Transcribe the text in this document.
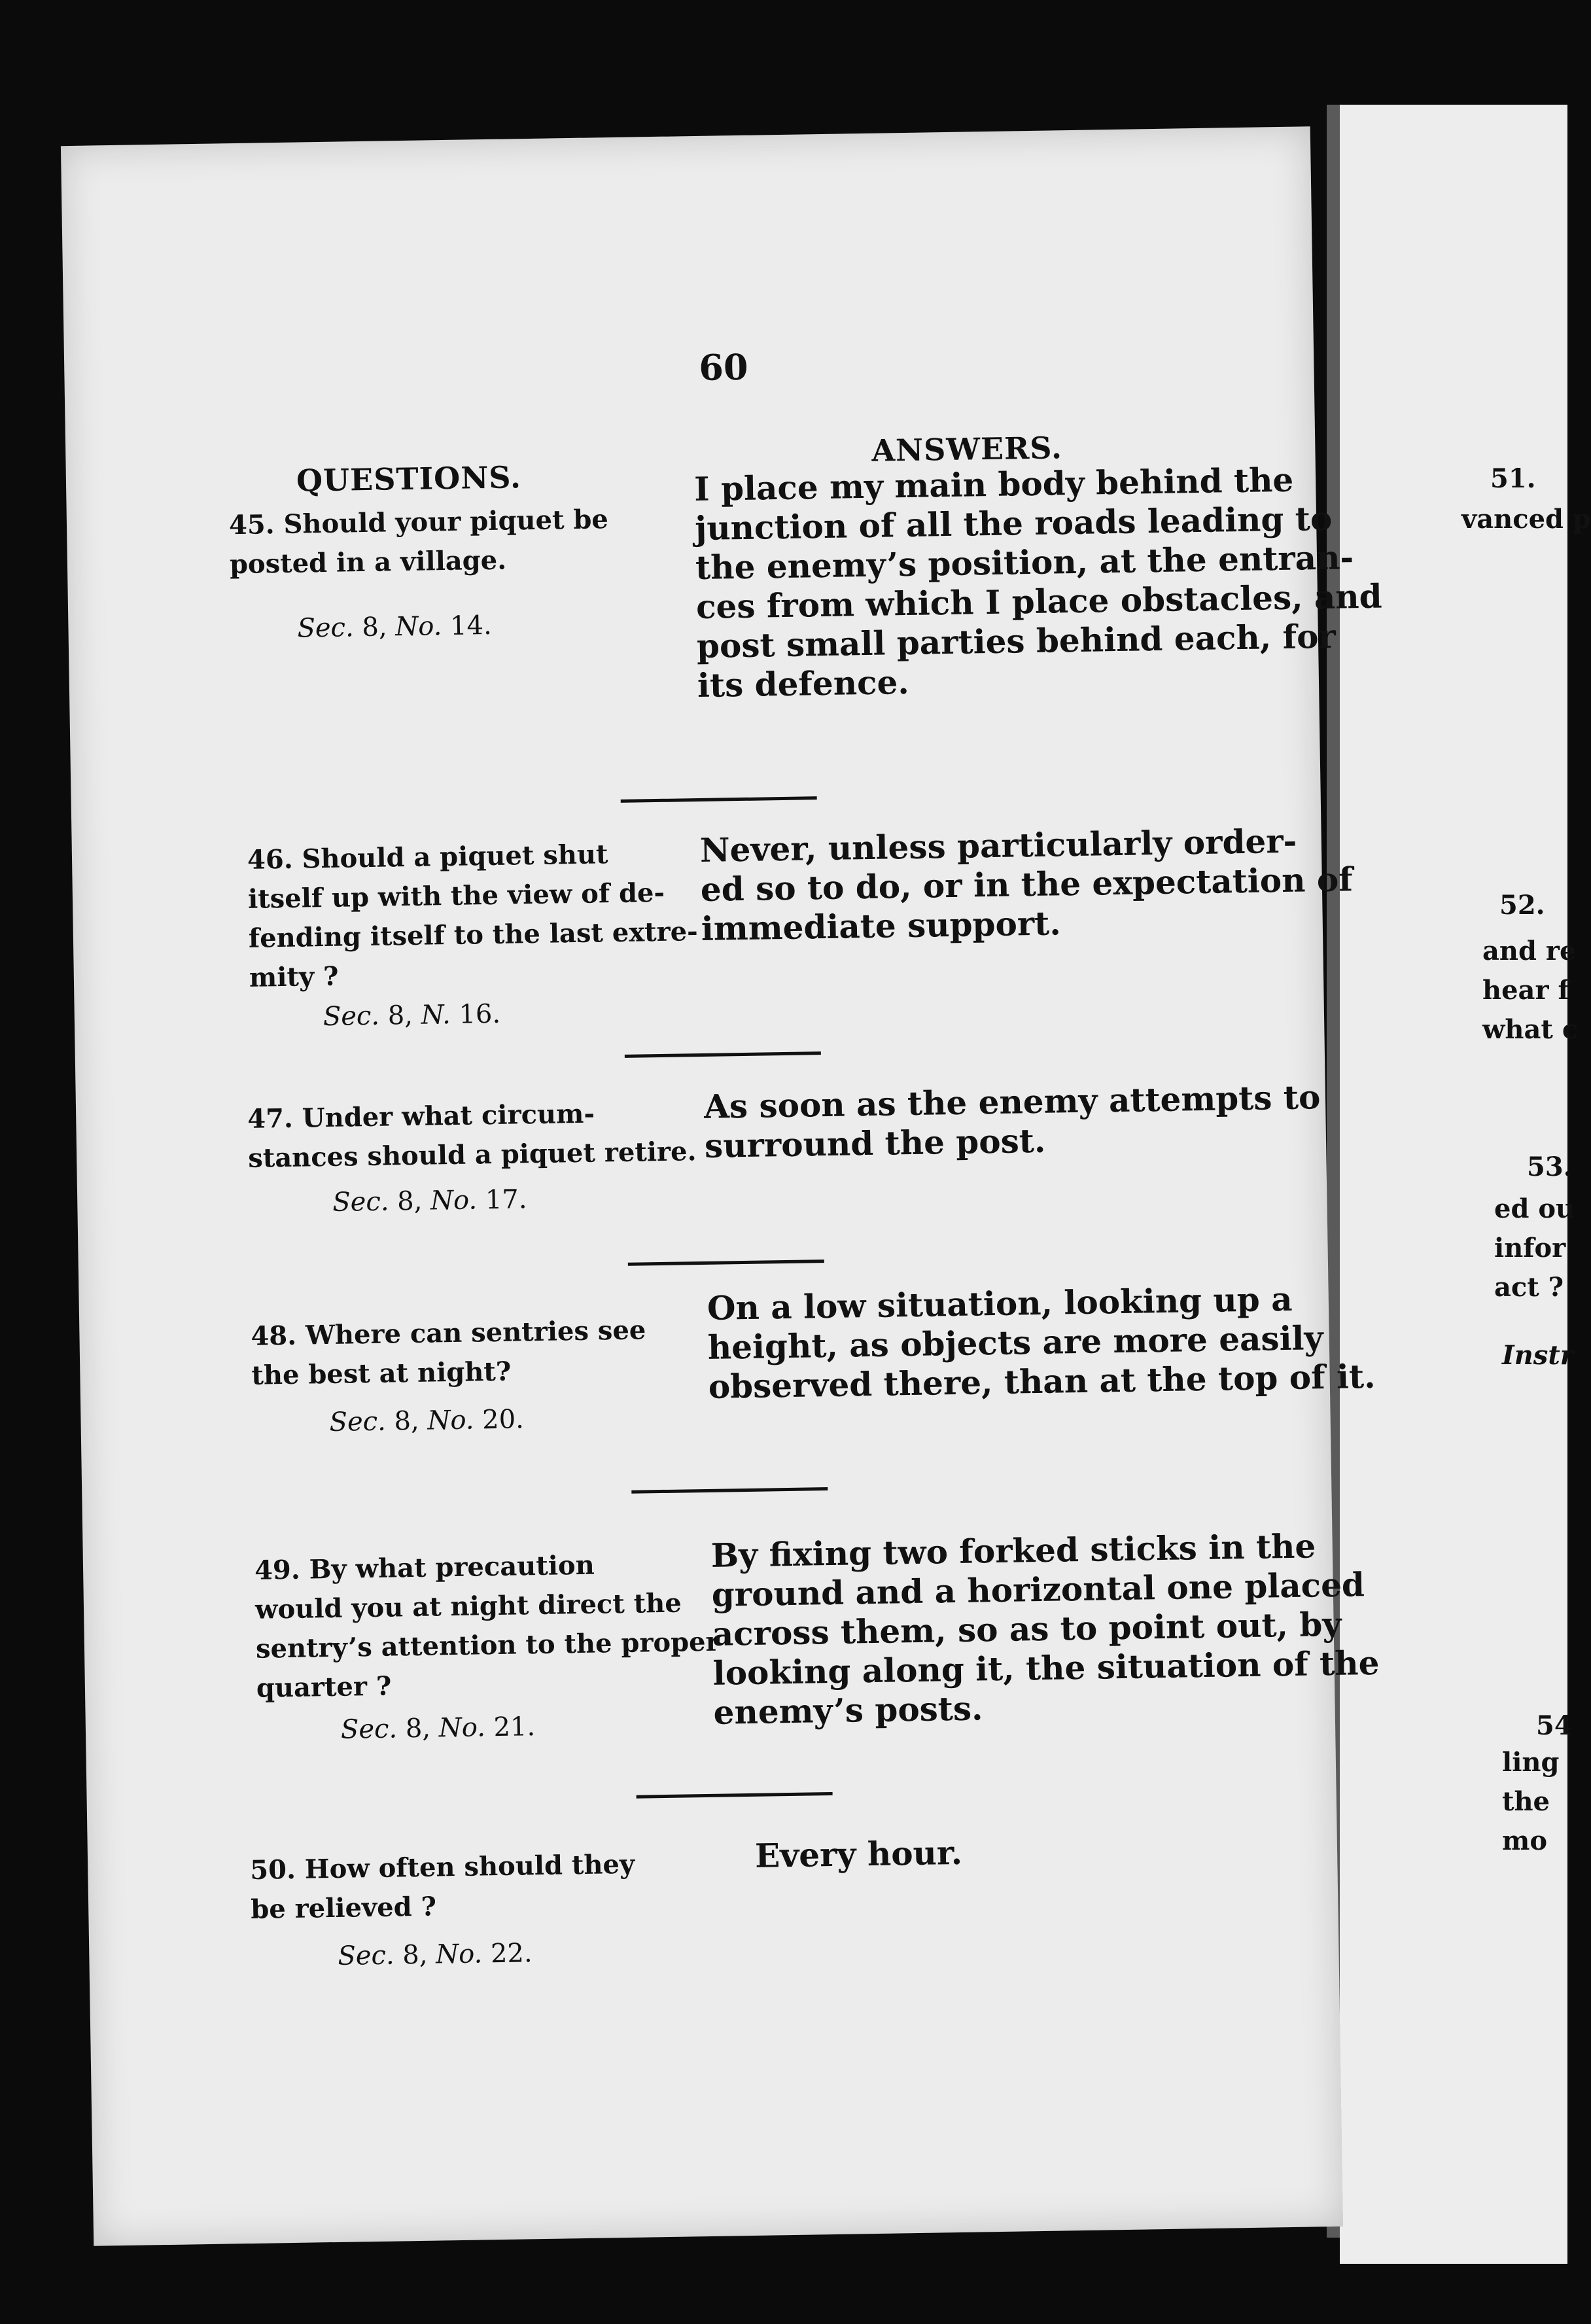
51.
vanced p
52.
and re
hear f
what c
53.
ed ou
infor
act ?
Instr
54
ling
the
mo
60
QUESTIONS.
ANSWERS.
45. Should your piquet be
posted in a village.
Sec. 8, No. 14.
I place my main body behind the
junction of all the roads leading to
the enemy’s position, at the entran-
ces from which I place obstacles, and
post small parties behind each, for
its defence.
46. Should a piquet shut
itself up with the view of de-
fending itself to the last extre-
mity ?
Sec. 8, N. 16.
Never, unless particularly order-
ed so to do, or in the expectation of
immediate support.
47. Under what circum-
stances should a piquet retire.
Sec. 8, No. 17.
As soon as the enemy attempts to
surround the post.
48. Where can sentries see
the best at night?
Sec. 8, No. 20.
On a low situation, looking up a
height, as objects are more easily
observed there, than at the top of it.
49. By what precaution
would you at night direct the
sentry’s attention to the proper
quarter ?
Sec. 8, No. 21.
By fixing two forked sticks in the
ground and a horizontal one placed
across them, so as to point out, by
looking along it, the situation of the
enemy’s posts.
50. How often should they
be relieved ?
Sec. 8, No. 22.
Every hour.
